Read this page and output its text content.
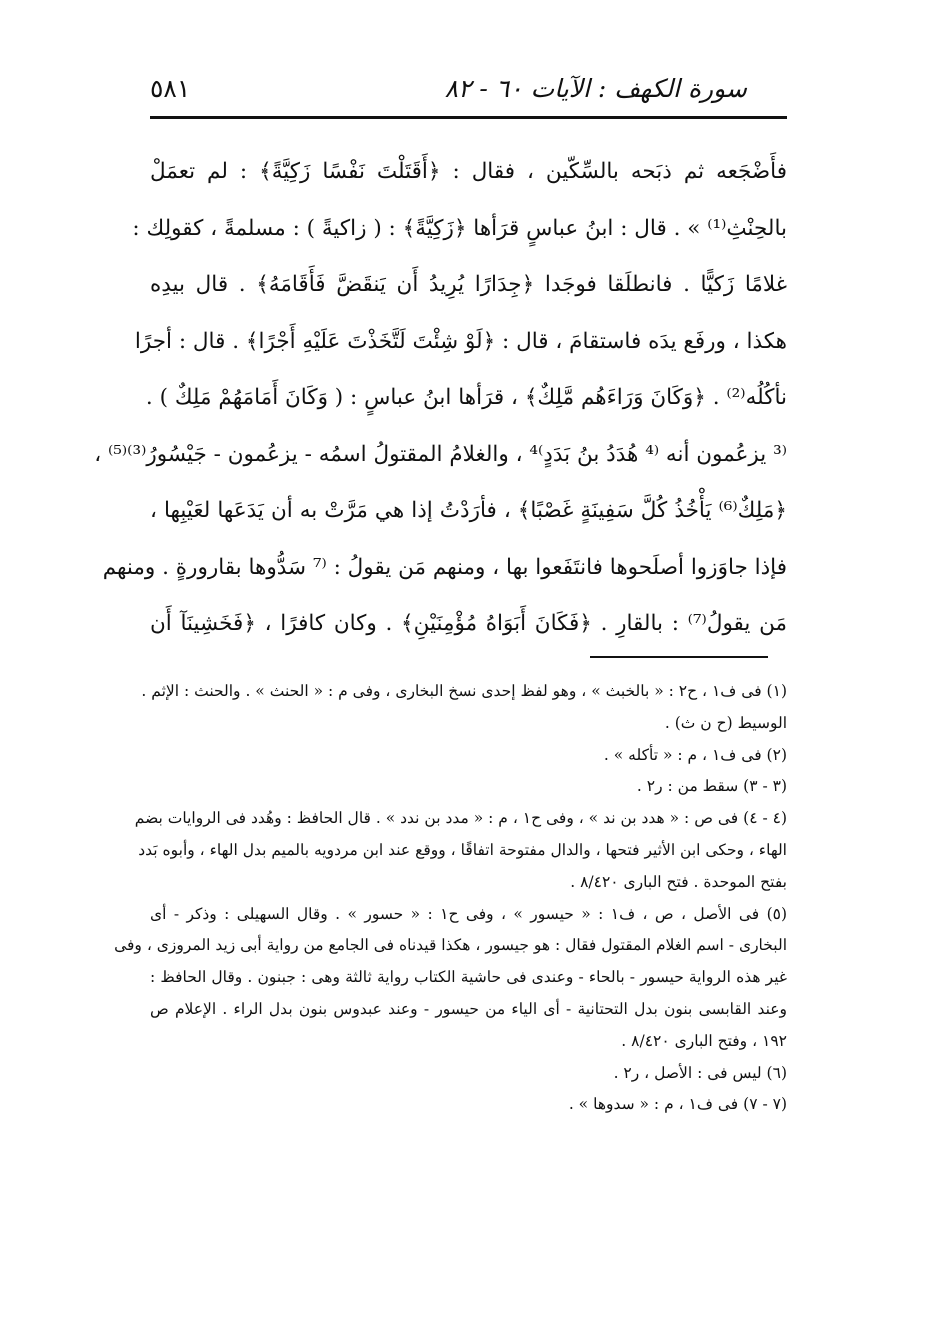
سورة الكهف : الآيات ٦٠ - ٨٢
٥٨١
فأَضْجَعه ثم ذبَحه بالسِّكّين ، فقال : ﴿أَقَتَلْتَ نَفْسًا زَكِيَّةً﴾ : لم تعمَلْ
بالحِنْثِ⁽¹⁾ » . قال : ابنُ عباسٍ قرَأها ﴿زَكِيَّةً﴾ : ( زاكيةً ) : مسلمةً ، كقولِك :
غلامًا زَكيًّا . فانطلَقا فوجَدا ﴿جِدَارًا يُرِيدُ أَن يَنقَضَّ فَأَقَامَهُ﴾ . قال بيدِه
هكذا ، ورفَع يدَه فاستقامَ ، قال : ﴿لَوْ شِئْتَ لَتَّخَذْتَ عَلَيْهِ أَجْرًا﴾ . قال : أجرًا
نأكُلُه⁽²⁾ . ﴿وَكَانَ وَرَاءَهُم مَّلِكٌ﴾ ، قرَأها ابنُ عباسٍ : ( وَكَانَ أَمَامَهُمْ مَلِكٌ ) .
⁽³ يزعُمون أنه ⁽⁴ هُدَدُ بنُ بَدَدٍ⁾⁴ ، والغلامُ المقتولُ اسمُه - يزعُمون - جَيْسُورُ⁽³⁾⁽⁵⁾ ،
﴿مَلِكٌ⁽⁶⁾ يَأْخُذُ كُلَّ سَفِينَةٍ غَصْبًا﴾ ، فأرَدْتُ إذا هي مَرَّتْ به أن يَدَعَها لعَيْبِها ،
فإذا جاوَزوا أصلَحوها فانتَفَعوا بها ، ومنهم مَن يقولُ : ⁽⁷ سَدُّوها بقارورةٍ . ومنهم
مَن يقولُ⁽⁷⁾ : بالقارِ . ﴿فَكَانَ أَبَوَاهُ مُؤْمِنَيْنِ﴾ . وكان كافرًا ، ﴿فَخَشِينَآ أَن
(١) فى ف١ ، ح٢ : « بالخبث » ، وهو لفظ إحدى نسخ البخارى ، وفى م : « الحنث » . والحنث : الإثم .
الوسيط (ح ن ث) .
(٢) فى ف١ ، م : « تأكله » .
(٣ - ٣) سقط من : ر٢ .
(٤ - ٤) فى ص : « هدد بن ند » ، وفى ح١ ، م : « مدد بن ندد » . قال الحافظ : وهُدد فى الروايات بضم
الهاء ، وحكى ابن الأثير فتحها ، والدال مفتوحة اتفاقًا ، ووقع عند ابن مردويه بالميم بدل الهاء ، وأبوه بَدد
بفتح الموحدة . فتح البارى ٨/٤٢٠ .
(٥) فى الأصل ، ص ، ف١ : « حيسور » ، وفى ح١ : « حسور » . وقال السهيلى : وذكر - أى
البخارى - اسم الغلام المقتول فقال : هو جيسور ، هكذا قيدناه فى الجامع من رواية أبى زيد المروزى ، وفى
غير هذه الرواية حيسور - بالحاء - وعندى فى حاشية الكتاب رواية ثالثة وهى : جبنون . وقال الحافظ :
وعند القابسى بنون بدل التحتانية - أى الياء من حيسور - وعند عبدوس بنون بدل الراء . الإعلام ص
١٩٢ ، وفتح البارى ٨/٤٢٠ .
(٦) ليس فى : الأصل ، ر٢ .
(٧ - ٧) فى ف١ ، م : « سدوها » .
